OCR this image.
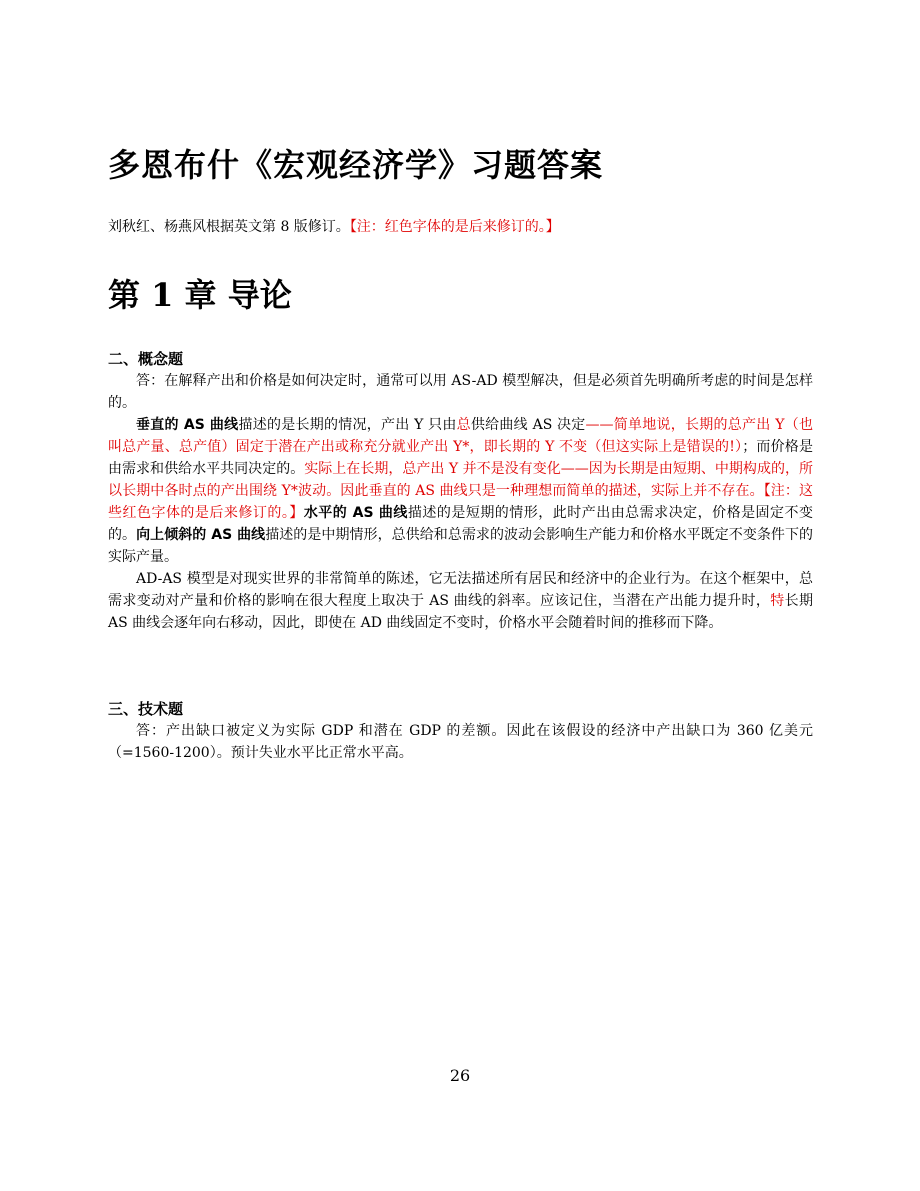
多恩布什《宏观经济学》习题答案
刘秋红、杨燕风根据英文第 8 版修订。【注：红色字体的是后来修订的。】
第 1 章 导论
二、概念题

答：在解释产出和价格是如何决定时，通常可以用 AS-AD 模型解决，但是必须首先明确所考虑的时间是怎样的。

垂直的 AS 曲线描述的是长期的情况，产出 Y 只由总供给曲线 AS 决定——简单地说，长期的总产出 Y（也叫总产量、总产值）固定于潜在产出或称充分就业产出 Y*，即长期的 Y 不变（但这实际上是错误的!）；而价格是由需求和供给水平共同决定的。实际上在长期，总产出 Y 并不是没有变化——因为长期是由短期、中期构成的，所以长期中各时点的产出围绕 Y*波动。因此垂直的 AS 曲线只是一种理想而简单的描述，实际上并不存在。【注：这些红色字体的是后来修订的。】水平的 AS 曲线描述的是短期的情形，此时产出由总需求决定，价格是固定不变的。向上倾斜的 AS 曲线描述的是中期情形，总供给和总需求的波动会影响生产能力和价格水平既定不变条件下的实际产量。

AD-AS 模型是对现实世界的非常简单的陈述，它无法描述所有居民和经济中的企业行为。在这个框架中，总需求变动对产量和价格的影响在很大程度上取决于 AS 曲线的斜率。应该记住，当潜在产出能力提升时，特长期 AS 曲线会逐年向右移动，因此，即使在 AD 曲线固定不变时，价格水平会随着时间的推移而下降。

三、技术题

答：产出缺口被定义为实际 GDP 和潜在 GDP 的差额。因此在该假设的经济中产出缺口为 360 亿美元（=1560-1200）。预计失业水平比正常水平高。

26
